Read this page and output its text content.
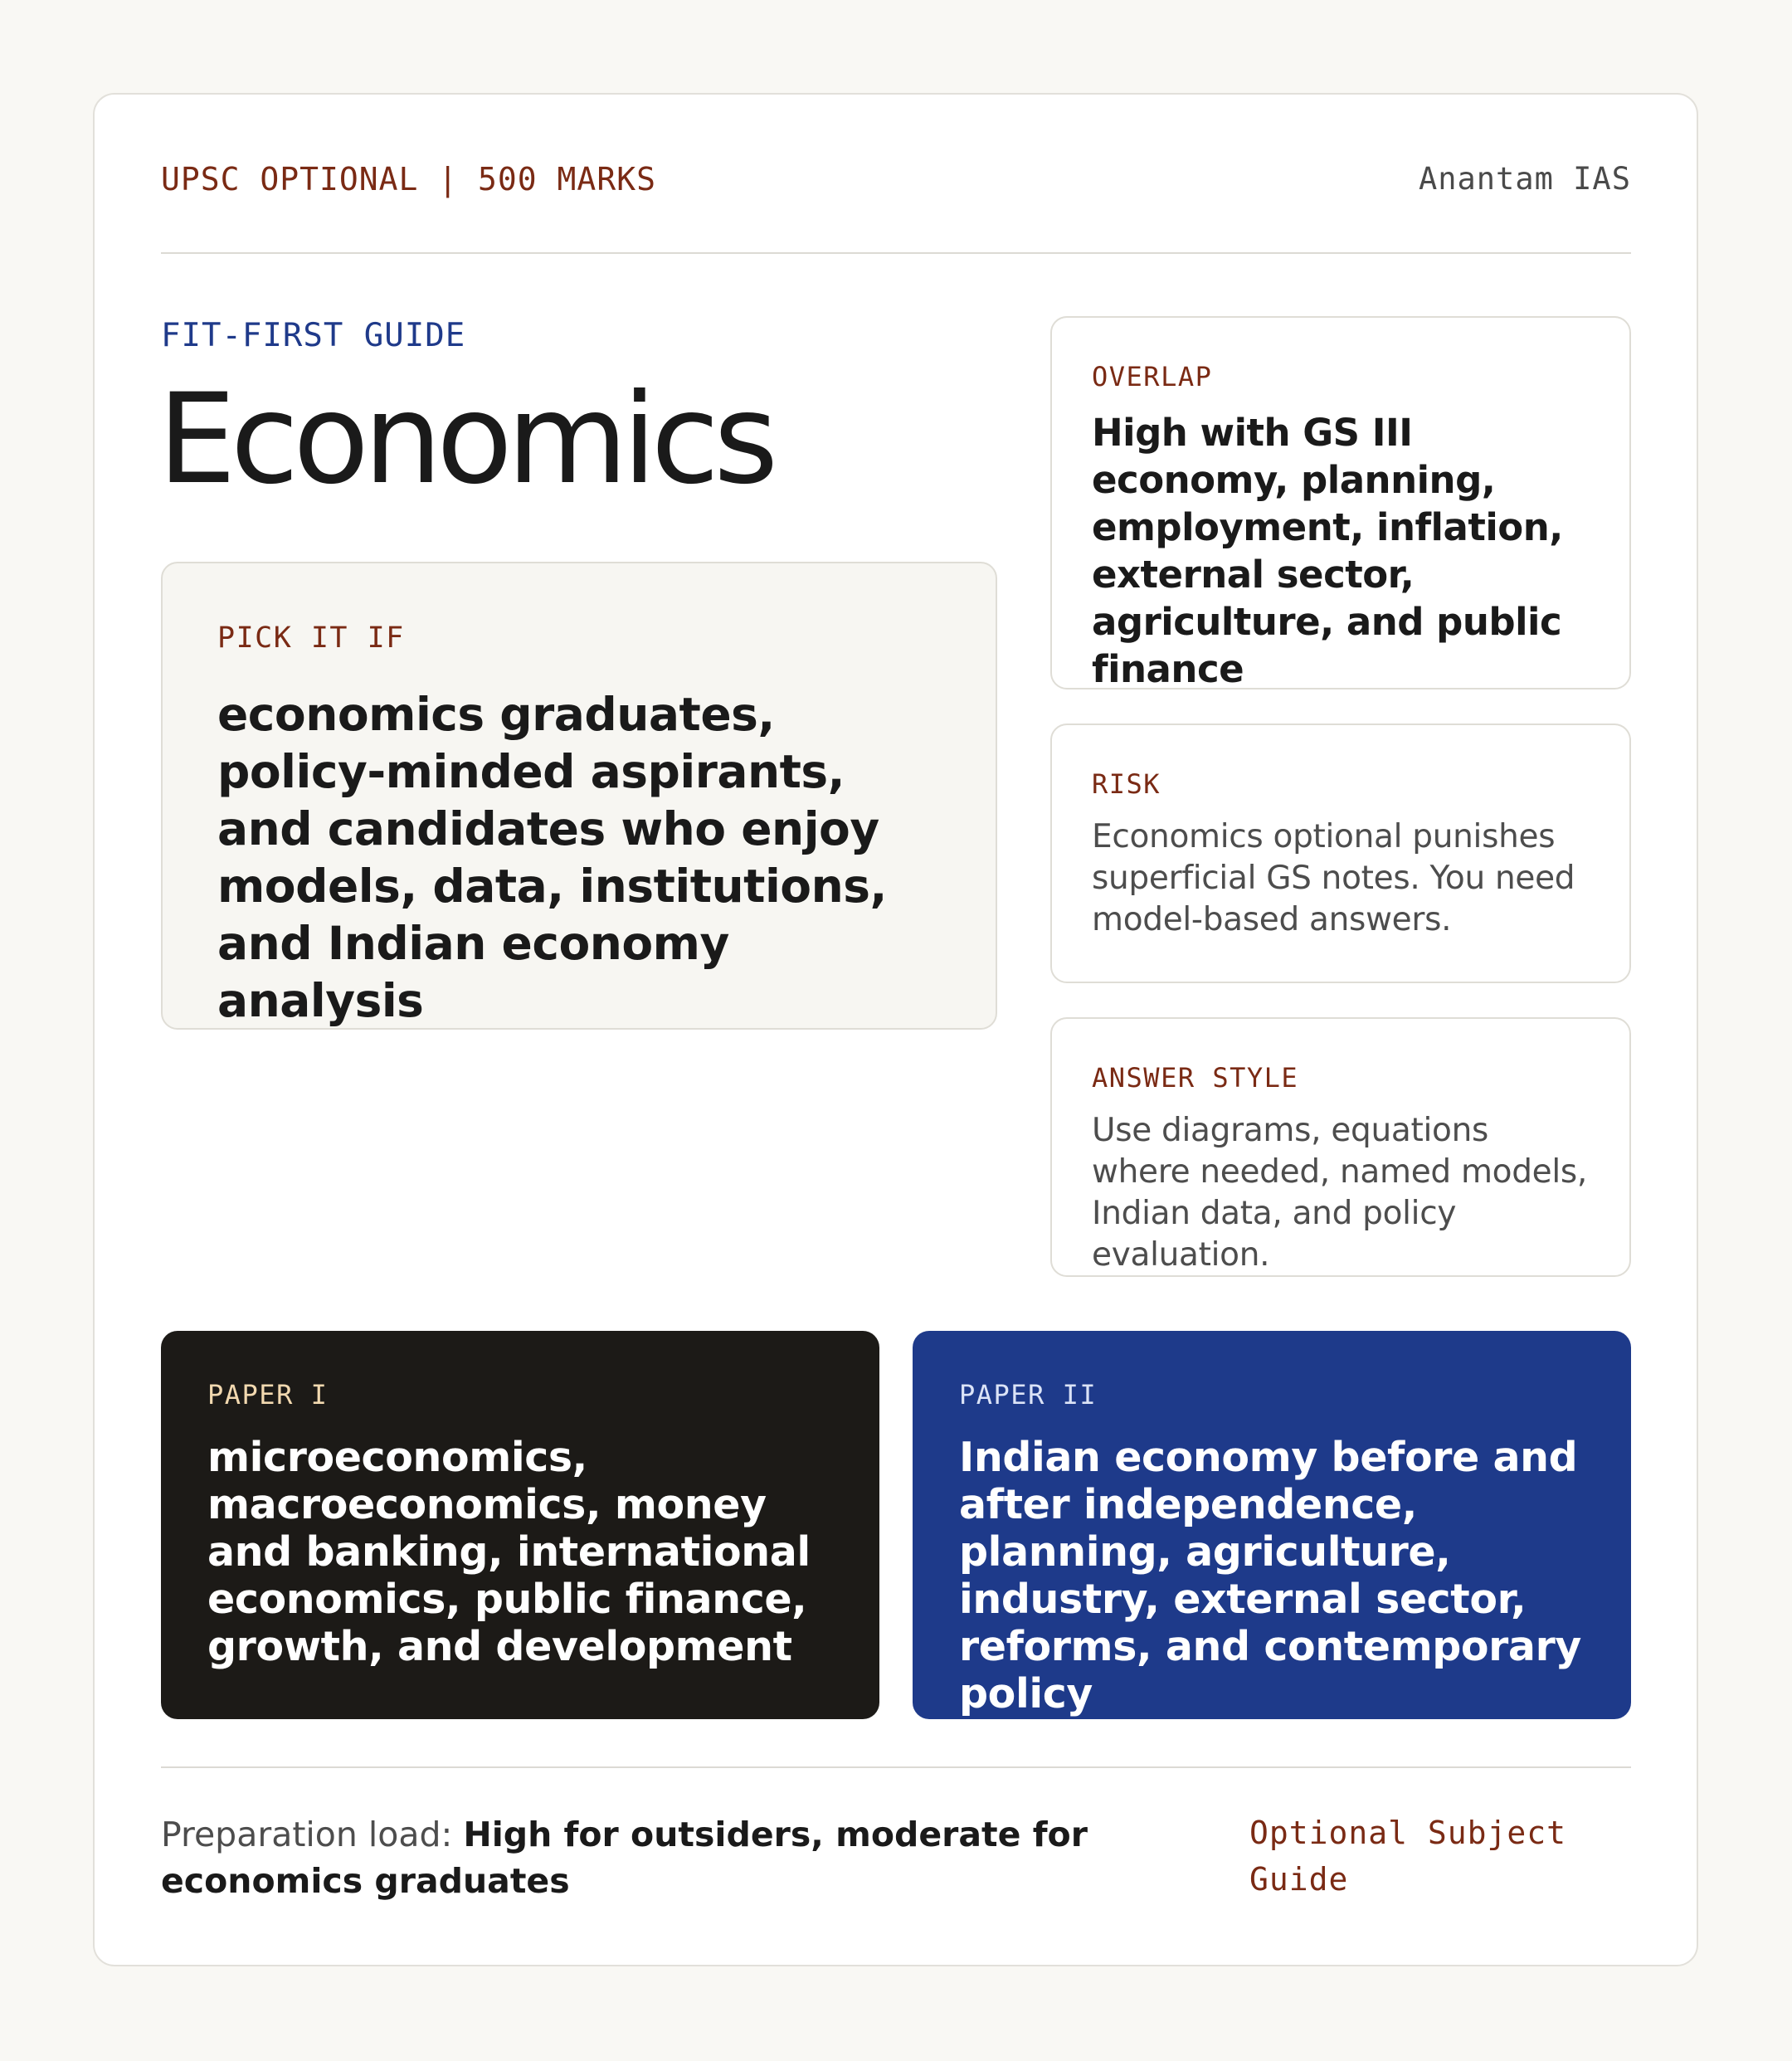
UPSC OPTIONAL | 500 MARKS	Anantam IAS
FIT-FIRST GUIDE
Economics
PICK IT IF
economics graduates, policy-minded aspirants, and candidates who enjoy models, data, institutions, and Indian economy analysis
OVERLAP
High with GS III economy, planning, employment, inflation, external sector, agriculture, and public finance
RISK
Economics optional punishes superficial GS notes. You need model-based answers.
ANSWER STYLE
Use diagrams, equations where needed, named models, Indian data, and policy evaluation.
PAPER I
microeconomics, macroeconomics, money and banking, international economics, public finance, growth, and development
PAPER II
Indian economy before and after independence, planning, agriculture, industry, external sector, reforms, and contemporary policy
Preparation load: High for outsiders, moderate for economics graduates
Optional Subject Guide
